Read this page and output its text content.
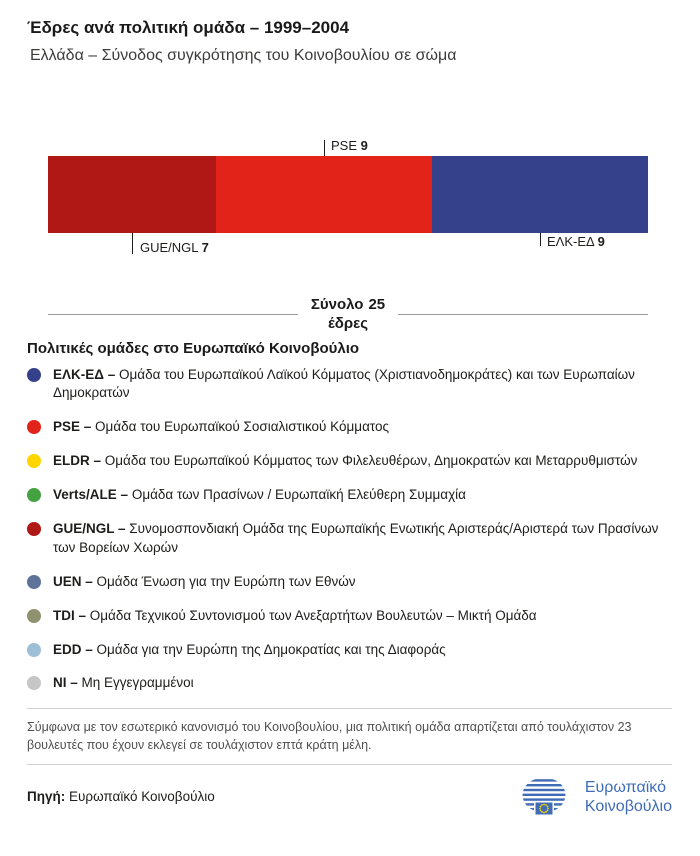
Έδρες ανά πολιτική ομάδα – 1999–2004
Ελλάδα – Σύνοδος συγκρότησης του Κοινοβουλίου σε σώμα
PSE 9
GUE/NGL 7	ΕΛΚ-ΕΔ 9
Σύνολο 25
έδρες
Πολιτικές ομάδες στο Ευρωπαϊκό Κοινοβούλιο

ΕΛΚ-ΕΔ – Ομάδα του Ευρωπαϊκού Λαϊκού Κόμματος (Χριστιανοδημοκράτες) και των Ευρωπαίων Δημοκρατών

PSE – Ομάδα του Ευρωπαϊκού Σοσιαλιστικού Κόμματος

ELDR – Ομάδα του Ευρωπαϊκού Κόμματος των Φιλελευθέρων, Δημοκρατών και Μεταρρυθμιστών

Verts/ALE – Ομάδα των Πρασίνων / Ευρωπαϊκή Ελεύθερη Συμμαχία

GUE/NGL – Συνομοσπονδιακή Ομάδα της Ευρωπαϊκής Ενωτικής Αριστεράς/Αριστερά των Πρασίνων των Βορείων Χωρών

UEN – Ομάδα Ένωση για την Ευρώπη των Εθνών

TDI – Ομάδα Τεχνικού Συντονισμού των Ανεξαρτήτων Βουλευτών – Μικτή Ομάδα

EDD – Ομάδα για την Ευρώπη της Δημοκρατίας και της Διαφοράς

NI – Μη Εγγεγραμμένοι

Σύμφωνα με τον εσωτερικό κανονισμό του Κοινοβουλίου, μια πολιτική ομάδα απαρτίζεται από τουλάχιστον 23 βουλευτές που έχουν εκλεγεί σε τουλάχιστον επτά κράτη μέλη.

Πηγή: Ευρωπαϊκό Κοινοβούλιο

Ευρωπαϊκό
Κοινοβούλιο
